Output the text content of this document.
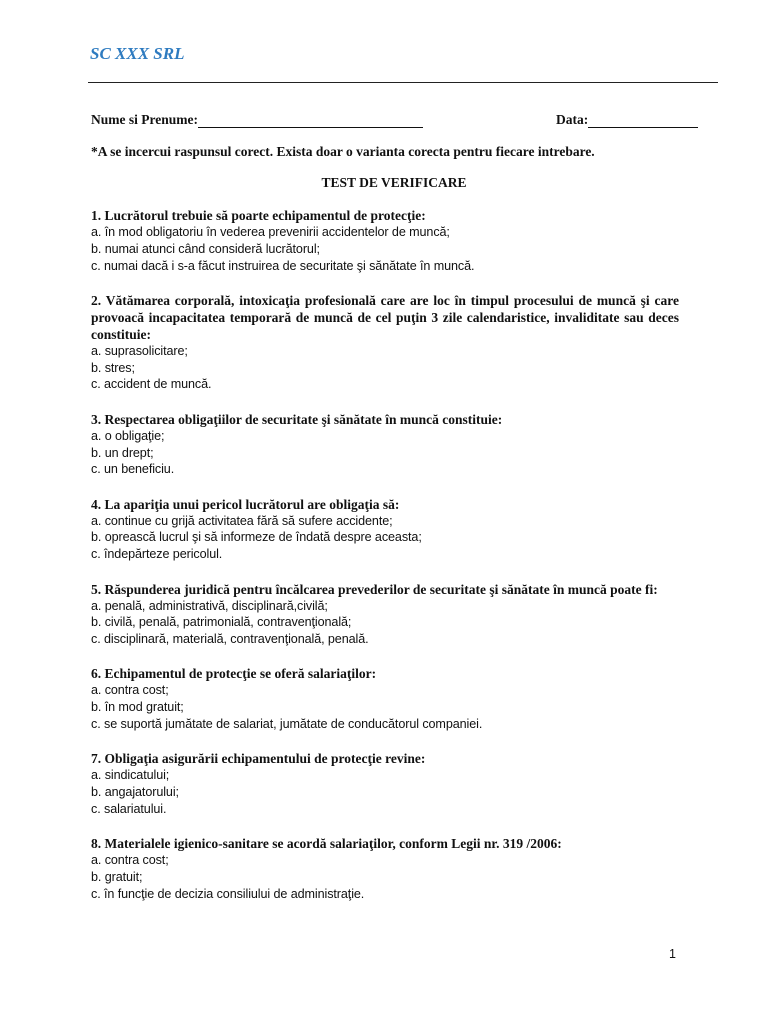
SC XXX SRL
Nume si Prenume:	Data:
*A se incercui raspunsul corect. Exista doar o varianta corecta pentru fiecare intrebare.
TEST DE VERIFICARE
1. Lucrătorul trebuie să poarte echipamentul de protecţie:
a. în mod obligatoriu în vederea prevenirii accidentelor de muncă;
b. numai atunci când consideră lucrătorul;
c. numai dacă i s-a făcut instruirea de securitate şi sănătate în muncă.
2. Vătămarea corporală, intoxicaţia profesională care are loc în timpul procesului de muncă şi care provoacă incapacitatea temporară de muncă de cel puţin 3 zile calendaristice, invaliditate sau deces constituie:
a. suprasolicitare;
b. stres;
c. accident de muncă.
3. Respectarea obligaţiilor de securitate şi sănătate în muncă constituie:
a. o obligaţie;
b. un drept;
c. un beneficiu.
4. La apariţia unui pericol lucrătorul are obligaţia să:
a. continue cu grijă activitatea fără să sufere accidente;
b. oprească lucrul şi să informeze de îndată despre aceasta;
c. îndepărteze pericolul.
5. Răspunderea juridică pentru încălcarea prevederilor de securitate şi sănătate în muncă poate fi:
a. penală, administrativă, disciplinară,civilă;
b. civilă, penală, patrimonială, contravenţională;
c. disciplinară, materială, contravenţională, penală.
6. Echipamentul de protecţie se oferă salariaţilor:
a. contra cost;
b. în mod gratuit;
c. se suportă jumătate de salariat, jumătate de conducătorul companiei.
7. Obligaţia asigurării echipamentului de protecţie revine:
a. sindicatului;
b. angajatorului;
c. salariatului.
8. Materialele igienico-sanitare se acordă salariaţilor, conform Legii nr. 319 /2006:
a. contra cost;
b. gratuit;
c. în funcţie de decizia consiliului de administraţie.
1
